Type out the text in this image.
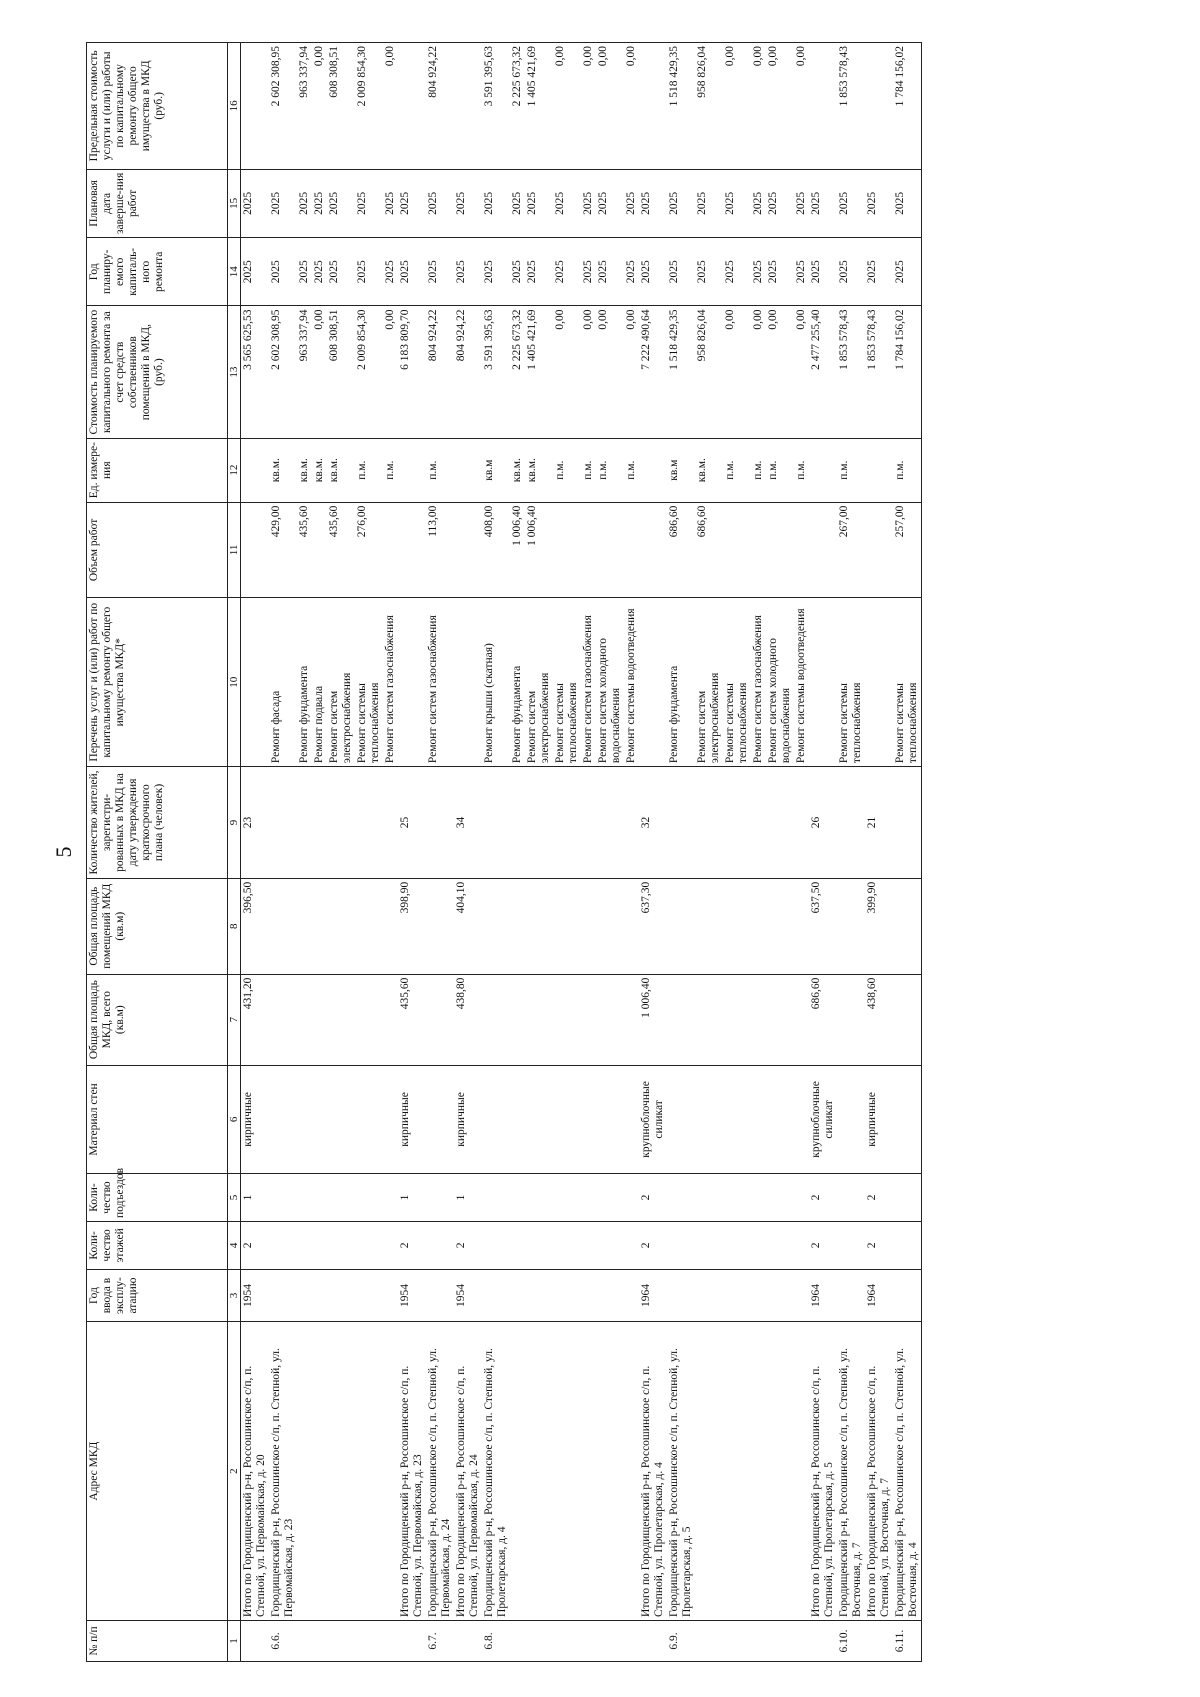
5
№ п/п	Адрес МКД	Год ввода в эксплу-атацию	Коли-чество этажей	Коли-чество подъездов	Материал стен	Общая площадь МКД, всего (кв.м)	Общая площадь помещений МКД (кв.м)	Количество жителей, зарегистри-рованных в МКД на дату утверждения краткосрочного плана (человек)	Перечень услуг и (или) работ по капитальному ремонту общего имущества МКД*	Объем работ	Ед. измере-ния	Стоимость планируемого капитального ремонта за счет средств собственников помещений в МКД, (руб.)	Год планиру-емого капиталь-ного ремонта	Плановая дата заверше-ния работ	Предельная стоимость услуги и (или) работы по капитальному ремонту общего имущества в МКД (руб.)
1	2	3	4	5	6	7	8	9	10	11	12	13	14	15	16
	Итого по Городищенский р-н, Россошинское с/п, п. Степной, ул. Первомайская, д. 20	1954	2	1	кирпичные	431,20	396,50	23				3 565 625,53	2025	2025	
6.6.	Городищенский р-н, Россошинское с/п, п. Степной, ул. Первомайская, д. 23								Ремонт фасада	429,00	кв.м.	2 602 308,95	2025	2025	2 602 308,95
									Ремонт фундамента	435,60	кв.м.	963 337,94	2025	2025	963 337,94
									Ремонт подвала		кв.м.	0,00	2025	2025	0,00
									Ремонт систем электроснабжения	435,60	кв.м.	608 308,51	2025	2025	608 308,51
									Ремонт системы теплоснабжения	276,00	п.м.	2 009 854,30	2025	2025	2 009 854,30
									Ремонт систем газоснабжения		п.м.	0,00	2025	2025	0,00
	Итого по Городищенский р-н, Россошинское с/п, п. Степной, ул. Первомайская, д. 23	1954	2	1	кирпичные	435,60	398,90	25				6 183 809,70	2025	2025	
6.7.	Городищенский р-н, Россошинское с/п, п. Степной, ул. Первомайская, д. 24								Ремонт систем газоснабжения	113,00	п.м.	804 924,22	2025	2025	804 924,22
	Итого по Городищенский р-н, Россошинское с/п, п. Степной, ул. Первомайская, д. 24	1954	2	1	кирпичные	438,80	404,10	34				804 924,22	2025	2025	
6.8.	Городищенский р-н, Россошинское с/п, п. Степной, ул. Пролетарская, д. 4								Ремонт крыши (скатная)	408,00	кв.м	3 591 395,63	2025	2025	3 591 395,63
									Ремонт фундамента	1 006,40	кв.м.	2 225 673,32	2025	2025	2 225 673,32
									Ремонт систем электроснабжения	1 006,40	кв.м.	1 405 421,69	2025	2025	1 405 421,69
									Ремонт системы теплоснабжения		п.м.	0,00	2025	2025	0,00
									Ремонт систем газоснабжения		п.м.	0,00	2025	2025	0,00
									Ремонт систем холодного водоснабжения		п.м.	0,00	2025	2025	0,00
									Ремонт системы водоотведения		п.м.	0,00	2025	2025	0,00
	Итого по Городищенский р-н, Россошинское с/п, п. Степной, ул. Пролетарская, д. 4	1964	2	2	крупноблочные силикат	1 006,40	637,30	32				7 222 490,64	2025	2025	
6.9.	Городищенский р-н, Россошинское с/п, п. Степной, ул. Пролетарская, д. 5								Ремонт фундамента	686,60	кв.м	1 518 429,35	2025	2025	1 518 429,35
									Ремонт систем электроснабжения	686,60	кв.м.	958 826,04	2025	2025	958 826,04
									Ремонт системы теплоснабжения		п.м.	0,00	2025	2025	0,00
									Ремонт систем газоснабжения		п.м.	0,00	2025	2025	0,00
									Ремонт систем холодного водоснабжения		п.м.	0,00	2025	2025	0,00
									Ремонт системы водоотведения		п.м.	0,00	2025	2025	0,00
	Итого по Городищенский р-н, Россошинское с/п, п. Степной, ул. Пролетарская, д. 5	1964	2	2	крупноблочные силикат	686,60	637,50	26				2 477 255,40	2025	2025	
6.10.	Городищенский р-н, Россошинское с/п, п. Степной, ул. Восточная, д. 7								Ремонт системы теплоснабжения	267,00	п.м.	1 853 578,43	2025	2025	1 853 578,43
	Итого по Городищенский р-н, Россошинское с/п, п. Степной, ул. Восточная, д. 7	1964	2	2	кирпичные	438,60	399,90	21				1 853 578,43	2025	2025	
6.11.	Городищенский р-н, Россошинское с/п, п. Степной, ул. Восточная, д. 4								Ремонт системы теплоснабжения	257,00	п.м.	1 784 156,02	2025	2025	1 784 156,02
